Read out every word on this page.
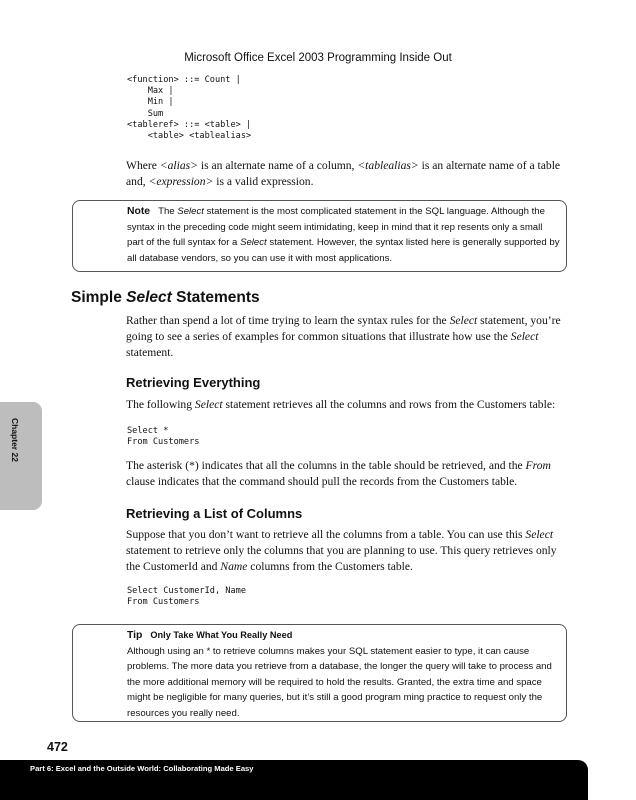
Microsoft Office Excel 2003 Programming Inside Out
<function> ::= Count |
Max |
Min |
Sum
<tableref> ::= <table> |
<table> <tablealias>

Where <alias> is an alternate name of a column, <tablealias> is an alternate name of a table and, <expression> is a valid expression.

Note The Select statement is the most complicated statement in the SQL language. Although the syntax in the preceding code might seem intimidating, keep in mind that it rep resents only a small part of the full syntax for a Select statement. However, the syntax listed here is generally supported by all database vendors, so you can use it with most applications.
Simple Select Statements

Rather than spend a lot of time trying to learn the syntax rules for the Select statement, you’re going to see a series of examples for common situations that illustrate how use the Select statement.

Retrieving Everything

The following Select statement retrieves all the columns and rows from the Customers table:

Select *
From Customers

The asterisk (*) indicates that all the columns in the table should be retrieved, and the From clause indicates that the command should pull the records from the Customers table.

Retrieving a List of Columns

Suppose that you don’t want to retrieve all the columns from a table. You can use this Select statement to retrieve only the columns that you are planning to use. This query retrieves only the CustomerId and Name columns from the Customers table.

Select CustomerId, Name
From Customers
Tip Only Take What You Really Need
Although using an * to retrieve columns makes your SQL statement easier to type, it can cause problems. The more data you retrieve from a database, the longer the query will take to process and the more additional memory will be required to hold the results. Granted, the extra time and space might be negligible for many queries, but it’s still a good program ming practice to request only the resources you really need.
Chapter 22
472
Part 6: Excel and the Outside World: Collaborating Made Easy
